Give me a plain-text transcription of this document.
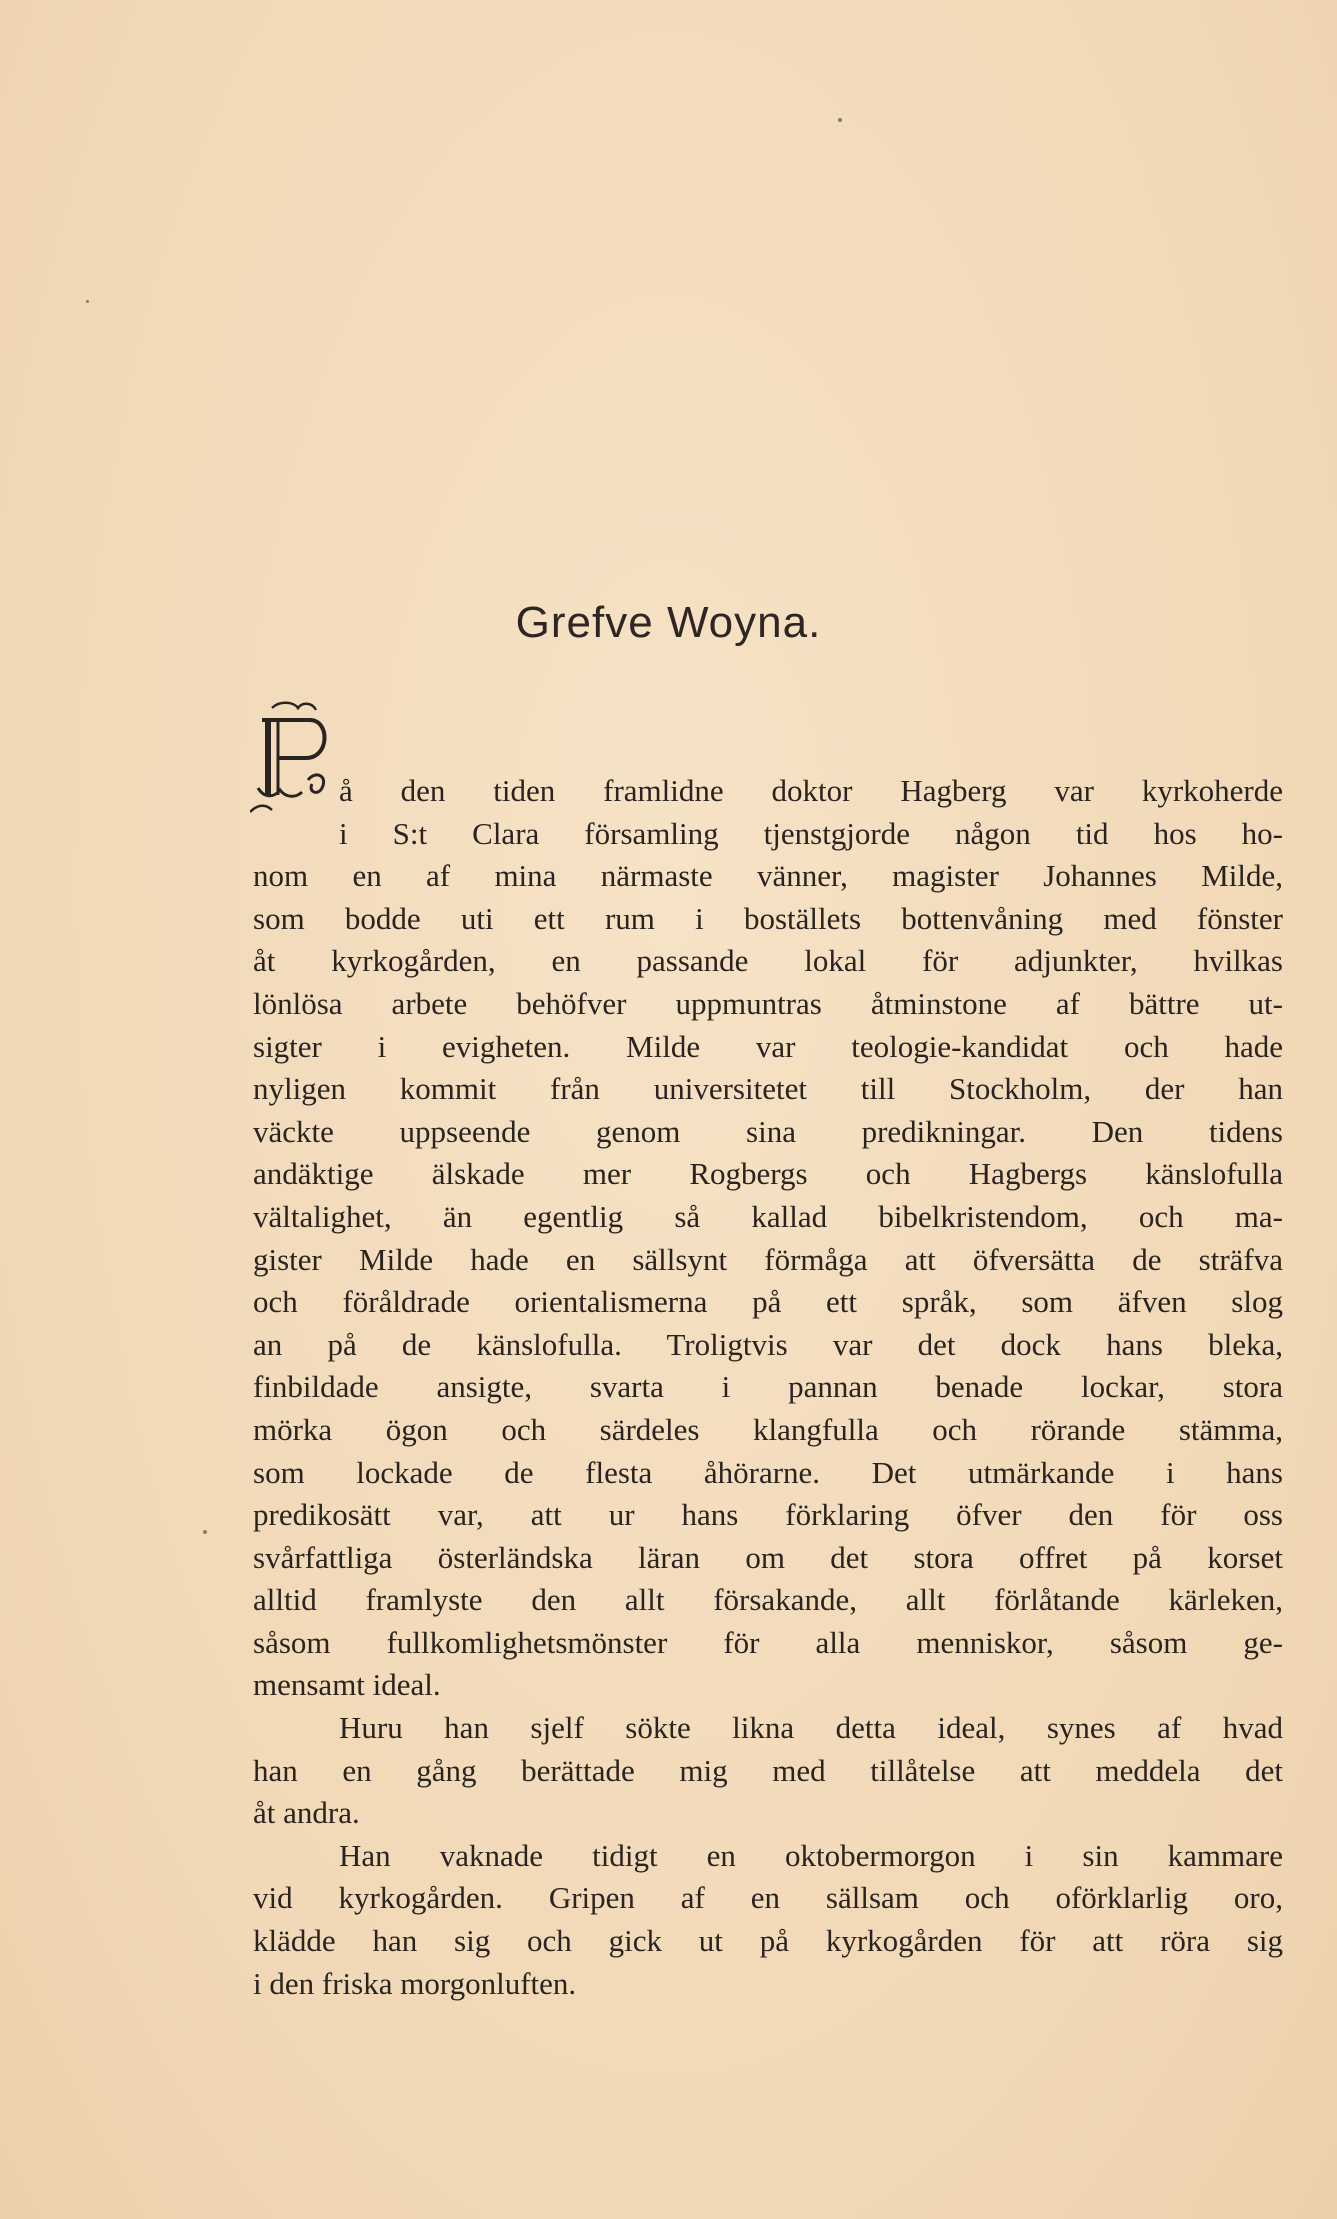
Grefve Woyna.
å den tiden framlidne doktor Hagberg var kyrkoherde
i S:t Clara församling tjenstgjorde någon tid hos ho-
nom en af mina närmaste vänner, magister Johannes Milde,
som bodde uti ett rum i boställets bottenvåning med fönster
åt kyrkogården, en passande lokal för adjunkter, hvilkas
lönlösa arbete behöfver uppmuntras åtminstone af bättre ut-
sigter i evigheten. Milde var teologie-kandidat och hade
nyligen kommit från universitetet till Stockholm, der han
väckte uppseende genom sina predikningar. Den tidens
andäktige älskade mer Rogbergs och Hagbergs känslofulla
vältalighet, än egentlig så kallad bibelkristendom, och ma-
gister Milde hade en sällsynt förmåga att öfversätta de sträfva
och föråldrade orientalismerna på ett språk, som äfven slog
an på de känslofulla. Troligtvis var det dock hans bleka,
finbildade ansigte, svarta i pannan benade lockar, stora
mörka ögon och särdeles klangfulla och rörande stämma,
som lockade de flesta åhörarne. Det utmärkande i hans
predikosätt var, att ur hans förklaring öfver den för oss
svårfattliga österländska läran om det stora offret på korset
alltid framlyste den allt försakande, allt förlåtande kärleken,
såsom fullkomlighetsmönster för alla menniskor, såsom ge-
mensamt ideal.
Huru han sjelf sökte likna detta ideal, synes af hvad
han en gång berättade mig med tillåtelse att meddela det
åt andra.
Han vaknade tidigt en oktobermorgon i sin kammare
vid kyrkogården. Gripen af en sällsam och oförklarlig oro,
klädde han sig och gick ut på kyrkogården för att röra sig
i den friska morgonluften.
